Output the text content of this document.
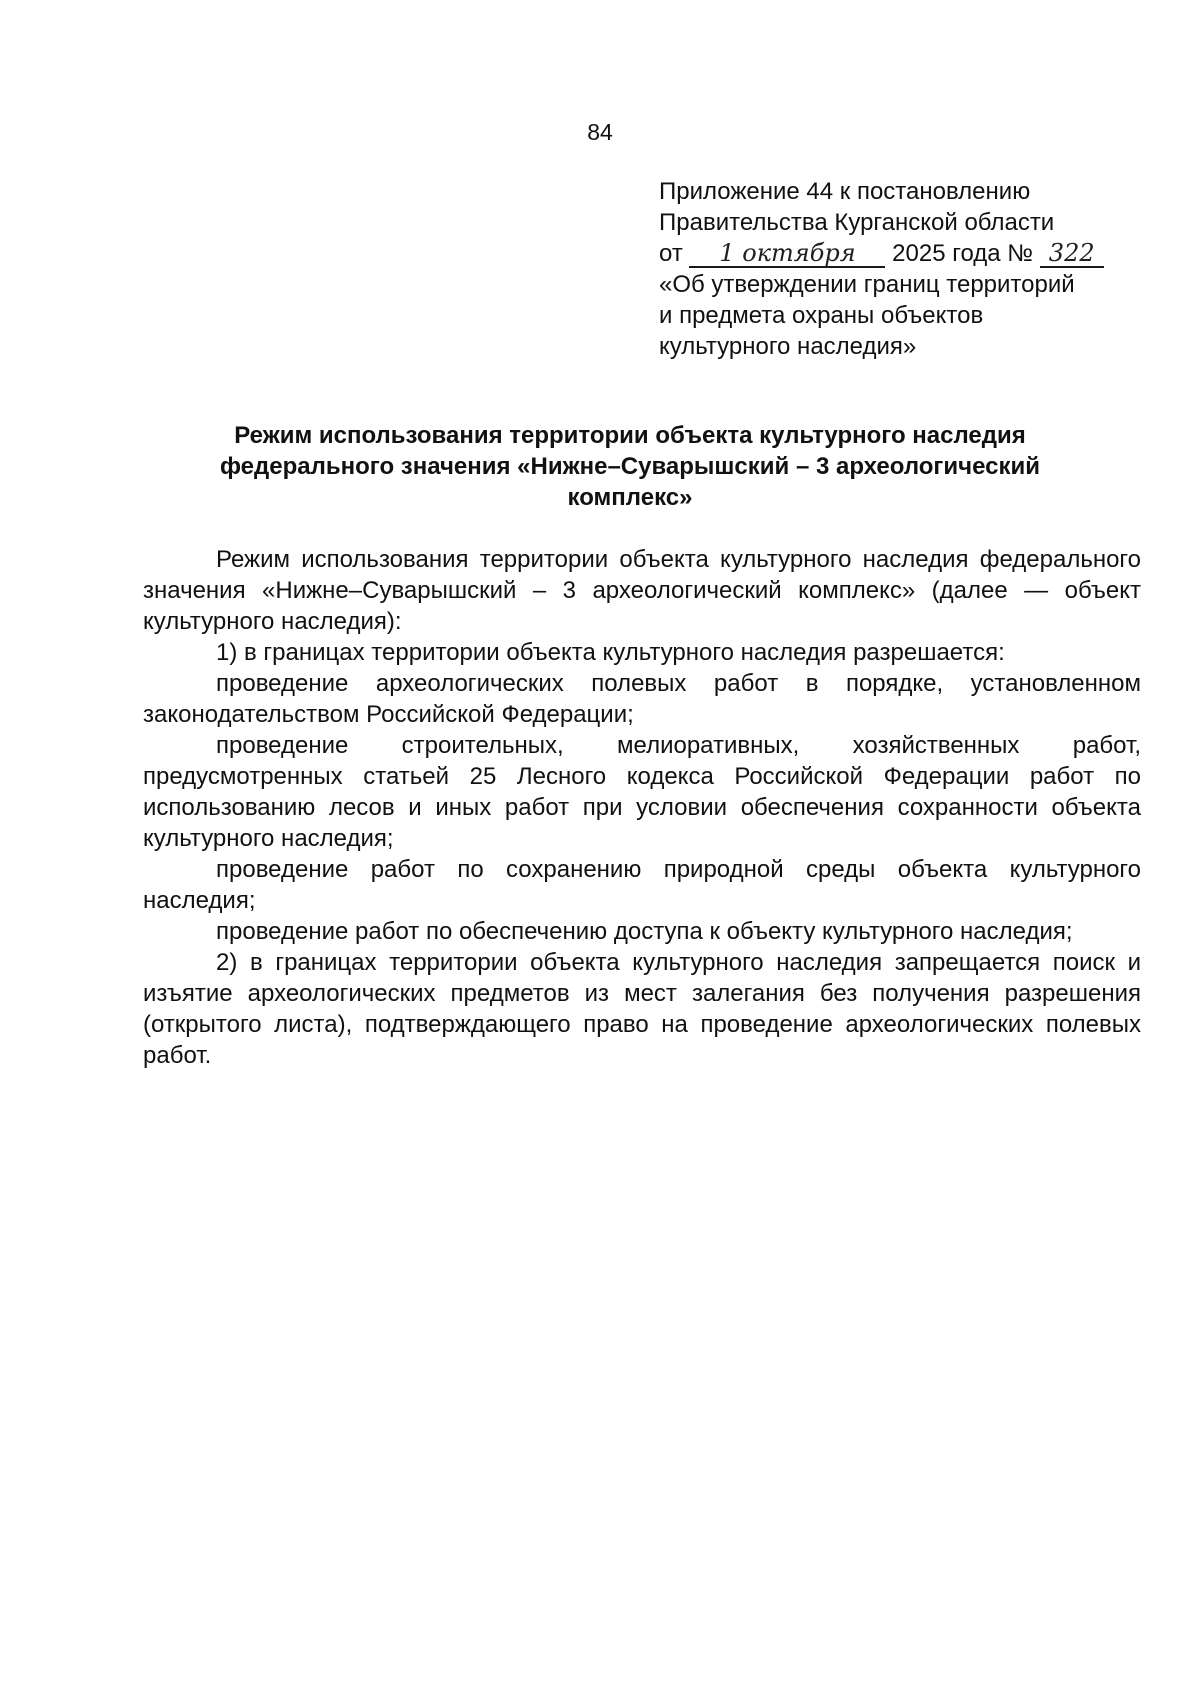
84
Приложение 44 к постановлению
Правительства Курганской области
от 1 октября 2025 года № 322
«Об утверждении границ территорий
и предмета охраны объектов
культурного наследия»
Режим использования территории объекта культурного наследия
федерального значения «Нижне–Суварышский – 3 археологический
комплекс»

Режим использования территории объекта культурного наследия федерального значения «Нижне–Суварышский – 3 археологический комплекс» (далее — объект культурного наследия):

1) в границах территории объекта культурного наследия разрешается:

проведение археологических полевых работ в порядке, установленном законодательством Российской Федерации;

проведение строительных, мелиоративных, хозяйственных работ, предусмотренных статьей 25 Лесного кодекса Российской Федерации работ по использованию лесов и иных работ при условии обеспечения сохранности объекта культурного наследия;

проведение работ по сохранению природной среды объекта культурного наследия;

проведение работ по обеспечению доступа к объекту культурного наследия;

2) в границах территории объекта культурного наследия запрещается поиск и изъятие археологических предметов из мест залегания без получения разрешения (открытого листа), подтверждающего право на проведение археологических полевых работ.
